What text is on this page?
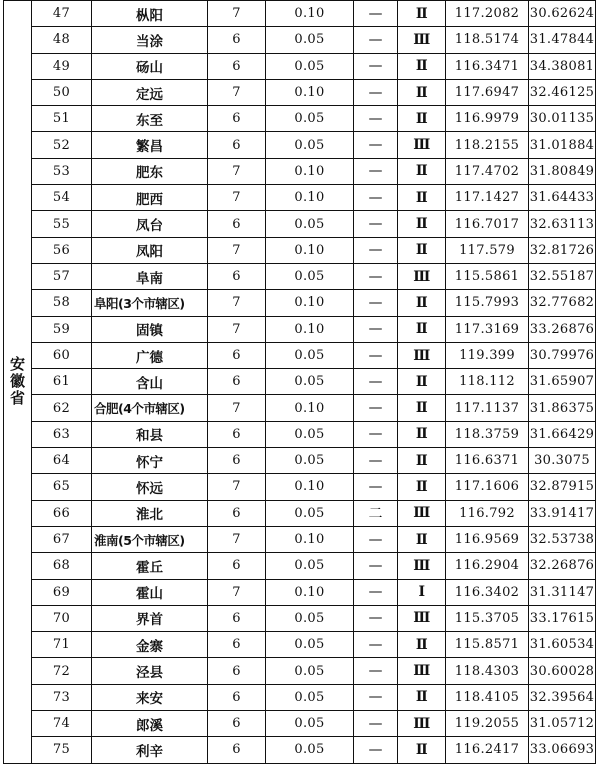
安徽省	47	枞阳	7	0.10	—	Ⅱ	117.2082	30.62624
	48	当涂	6	0.05	—	Ⅲ	118.5174	31.47844
	49	砀山	6	0.05	—	Ⅱ	116.3471	34.38081
	50	定远	7	0.10	—	Ⅱ	117.6947	32.46125
	51	东至	6	0.05	—	Ⅱ	116.9979	30.01135
	52	繁昌	6	0.05	—	Ⅲ	118.2155	31.01884
	53	肥东	7	0.10	—	Ⅱ	117.4702	31.80849
	54	肥西	7	0.10	—	Ⅱ	117.1427	31.64433
	55	凤台	6	0.05	—	Ⅱ	116.7017	32.63113
	56	凤阳	7	0.10	—	Ⅱ	117.579	32.81726
	57	阜南	6	0.05	—	Ⅲ	115.5861	32.55187
	58	阜阳(3个市辖区)	7	0.10	—	Ⅱ	115.7993	32.77682
	59	固镇	7	0.10	—	Ⅱ	117.3169	33.26876
	60	广德	6	0.05	—	Ⅲ	119.399	30.79976
	61	含山	6	0.05	—	Ⅱ	118.112	31.65907
	62	合肥(4个市辖区)	7	0.10	—	Ⅱ	117.1137	31.86375
	63	和县	6	0.05	—	Ⅱ	118.3759	31.66429
	64	怀宁	6	0.05	—	Ⅱ	116.6371	30.3075
	65	怀远	7	0.10	—	Ⅱ	117.1606	32.87915
	66	淮北	6	0.05	二	Ⅲ	116.792	33.91417
	67	淮南(5个市辖区)	7	0.10	—	Ⅱ	116.9569	32.53738
	68	霍丘	6	0.05	—	Ⅲ	116.2904	32.26876
	69	霍山	7	0.10	—	Ⅰ	116.3402	31.31147
	70	界首	6	0.05	—	Ⅲ	115.3705	33.17615
	71	金寨	6	0.05	—	Ⅱ	115.8571	31.60534
	72	泾县	6	0.05	—	Ⅲ	118.4303	30.60028
	73	来安	6	0.05	—	Ⅱ	118.4105	32.39564
	74	郎溪	6	0.05	—	Ⅲ	119.2055	31.05712
	75	利辛	6	0.05	—	Ⅱ	116.2417	33.06693
